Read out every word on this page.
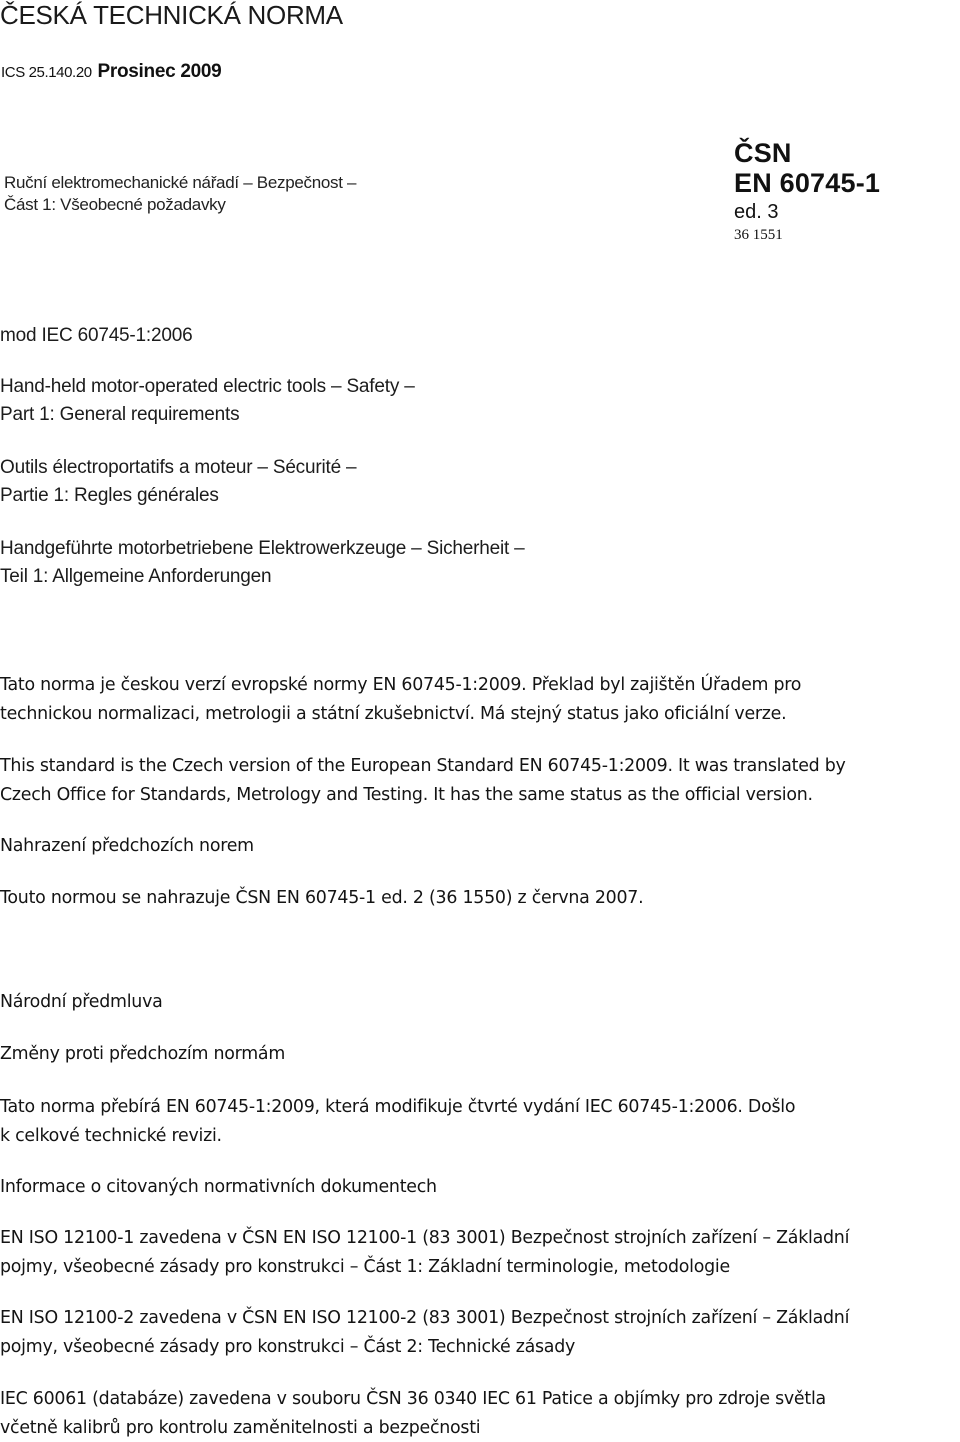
ČESKÁ TECHNICKÁ NORMA
ICS 25.140.20 Prosinec 2009
Ruční elektromechanické nářadí – Bezpečnost –
Část 1: Všeobecné požadavky
ČSN
EN 60745-1
ed. 3
36 1551
mod IEC 60745-1:2006
Hand-held motor-operated electric tools – Safety –
Part 1: General requirements
Outils électroportatifs a moteur – Sécurité –
Partie 1: Regles générales
Handgeführte motorbetriebene Elektrowerkzeuge – Sicherheit –
Teil 1: Allgemeine Anforderungen
Tato norma je českou verzí evropské normy EN 60745-1:2009. Překlad byl zajištěn Úřadem pro
technickou normalizaci, metrologii a státní zkušebnictví. Má stejný status jako oficiální verze.
This standard is the Czech version of the European Standard EN 60745-1:2009. It was translated by
Czech Office for Standards, Metrology and Testing. It has the same status as the official version.
Nahrazení předchozích norem
Touto normou se nahrazuje ČSN EN 60745-1 ed. 2 (36 1550) z června 2007.
Národní předmluva
Změny proti předchozím normám
Tato norma přebírá EN 60745-1:2009, která modifikuje čtvrté vydání IEC 60745-1:2006. Došlo
k celkové technické revizi.
Informace o citovaných normativních dokumentech
EN ISO 12100-1 zavedena v ČSN EN ISO 12100-1 (83 3001) Bezpečnost strojních zařízení – Základní
pojmy, všeobecné zásady pro konstrukci – Část 1: Základní terminologie, metodologie
EN ISO 12100-2 zavedena v ČSN EN ISO 12100-2 (83 3001) Bezpečnost strojních zařízení – Základní
pojmy, všeobecné zásady pro konstrukci – Část 2: Technické zásady
IEC 60061 (databáze) zavedena v souboru ČSN 36 0340 IEC 61 Patice a objímky pro zdroje světla
včetně kalibrů pro kontrolu zaměnitelnosti a bezpečnosti
